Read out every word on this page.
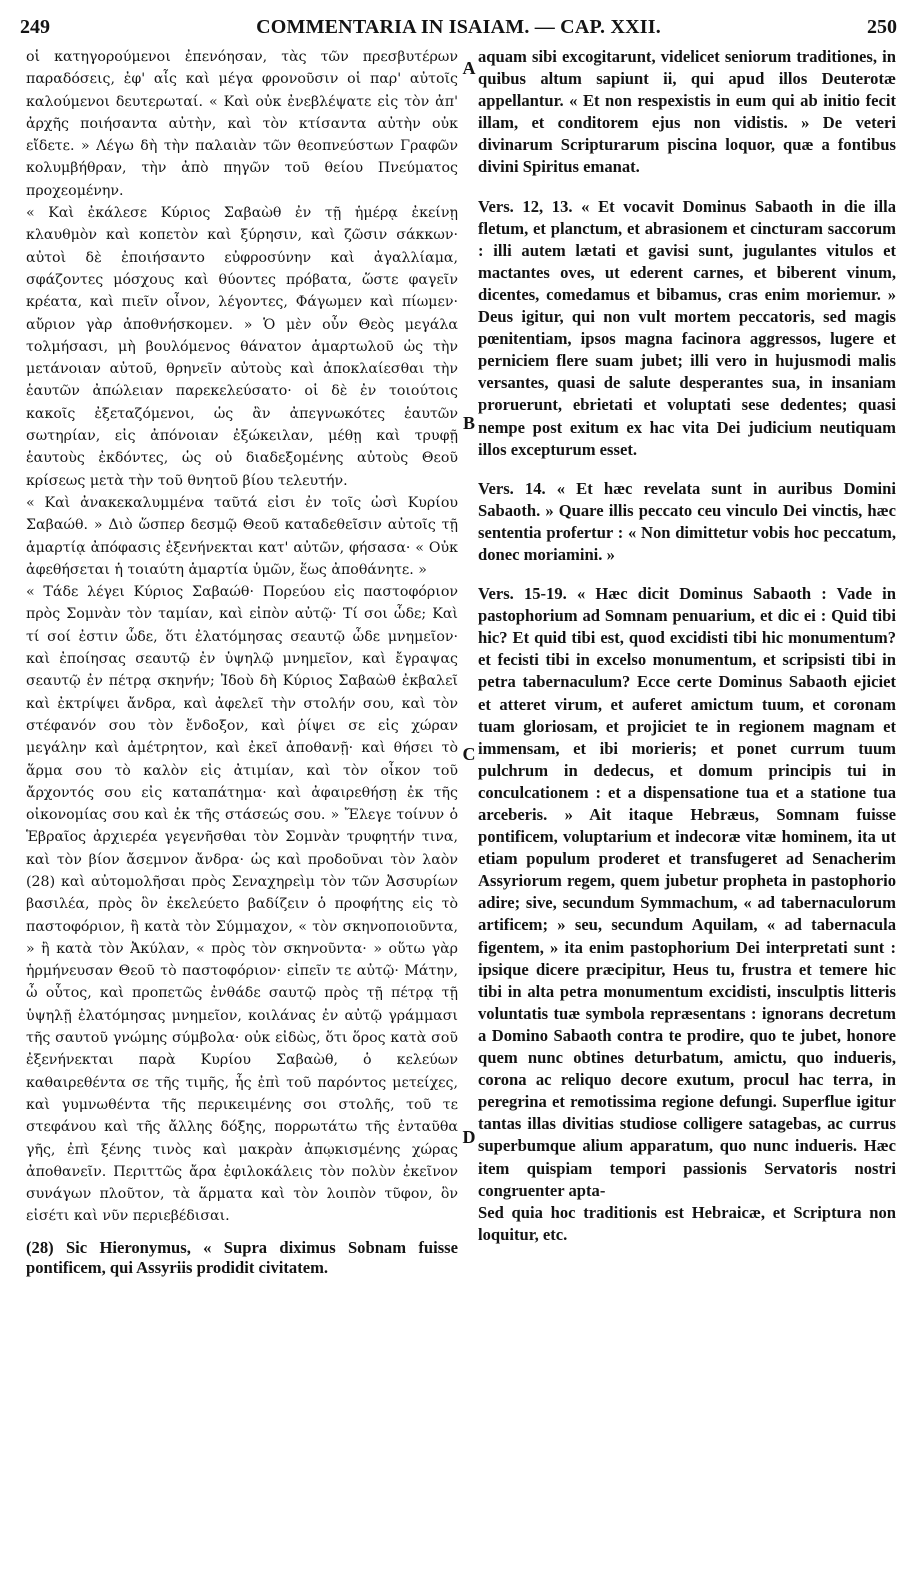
249	COMMENTARIA IN ISAIAM. — CAP. XXII.	250

οἱ κατηγορούμενοι ἐπενόησαν, τὰς τῶν πρεσβυτέρων παραδόσεις, ἐφ' αἷς καὶ μέγα φρονοῦσιν οἱ παρ' αὐτοῖς καλούμενοι δευτερωταί. « Καὶ οὐκ ἐνεβλέψατε εἰς τὸν ἀπ' ἀρχῆς ποιήσαντα αὐτὴν, καὶ τὸν κτίσαντα αὐτὴν οὐκ εἴδετε. » Λέγω δὴ τὴν παλαιὰν τῶν θεοπνεύστων Γραφῶν κολυμβήθραν, τὴν ἀπὸ πηγῶν τοῦ θείου Πνεύματος προχεομένην.

« Καὶ ἐκάλεσε Κύριος Σαβαὼθ ἐν τῇ ἡμέρᾳ ἐκείνῃ κλαυθμὸν καὶ κοπετὸν καὶ ξύρησιν, καὶ ζῶσιν σάκκων· αὐτοὶ δὲ ἐποιήσαντο εὐφροσύνην καὶ ἀγαλλίαμα, σφάζοντες μόσχους καὶ θύοντες πρόβατα, ὥστε φαγεῖν κρέατα, καὶ πιεῖν οἶνον, λέγοντες, Φάγωμεν καὶ πίωμεν· αὔριον γὰρ ἀποθνήσκομεν. » Ὁ μὲν οὖν Θεὸς μεγάλα τολμήσασι, μὴ βουλόμενος θάνατον ἁμαρτωλοῦ ὡς τὴν μετάνοιαν αὐτοῦ, θρηνεῖν αὐτοὺς καὶ ἀποκλαίεσθαι τὴν ἑαυτῶν ἀπώλειαν παρεκελεύσατο· οἱ δὲ ἐν τοιούτοις κακοῖς ἐξεταζόμενοι, ὡς ἂν ἀπεγνωκότες ἑαυτῶν σωτηρίαν, εἰς ἀπόνοιαν ἐξώκειλαν, μέθῃ καὶ τρυφῇ ἑαυτοὺς ἐκδόντες, ὡς οὐ διαδεξομένης αὐτοὺς Θεοῦ κρίσεως μετὰ τὴν τοῦ θνητοῦ βίου τελευτήν.

« Καὶ ἀνακεκαλυμμένα ταῦτά εἰσι ἐν τοῖς ὠσὶ Κυρίου Σαβαώθ. » Διὸ ὥσπερ δεσμῷ Θεοῦ καταδεθεῖσιν αὐτοῖς τῇ ἁμαρτίᾳ ἀπόφασις ἐξενήνεκται κατ' αὐτῶν, φήσασα· « Οὐκ ἀφεθήσεται ἡ τοιαύτη ἁμαρτία ὑμῶν, ἕως ἀποθάνητε. »

« Τάδε λέγει Κύριος Σαβαώθ· Πορεύου εἰς παστοφόριον πρὸς Σομνὰν τὸν ταμίαν, καὶ εἰπὸν αὐτῷ· Τί σοι ὧδε; Καὶ τί σοί ἐστιν ὧδε, ὅτι ἐλατόμησας σεαυτῷ ὧδε μνημεῖον· καὶ ἐποίησας σεαυτῷ ἐν ὑψηλῷ μνημεῖον, καὶ ἔγραψας σεαυτῷ ἐν πέτρᾳ σκηνήν; Ἰδοὺ δὴ Κύριος Σαβαὼθ ἐκβαλεῖ καὶ ἐκτρίψει ἄνδρα, καὶ ἀφελεῖ τὴν στολήν σου, καὶ τὸν στέφανόν σου τὸν ἔνδοξον, καὶ ῥίψει σε εἰς χώραν μεγάλην καὶ ἀμέτρητον, καὶ ἐκεῖ ἀποθανῇ· καὶ θήσει τὸ ἅρμα σου τὸ καλὸν εἰς ἀτιμίαν, καὶ τὸν οἶκον τοῦ ἄρχοντός σου εἰς καταπάτημα· καὶ ἀφαιρεθήσῃ ἐκ τῆς οἰκονομίας σου καὶ ἐκ τῆς στάσεώς σου. » Ἔλεγε τοίνυν ὁ Ἑβραῖος ἀρχιερέα γεγενῆσθαι τὸν Σομνὰν τρυφητήν τινα, καὶ τὸν βίον ἄσεμνον ἄνδρα· ὡς καὶ προδοῦναι τὸν λαὸν (28) καὶ αὐτομολῆσαι πρὸς Σεναχηρεὶμ τὸν τῶν Ἀσσυρίων βασιλέα, πρὸς ὃν ἐκελεύετο βαδίζειν ὁ προφήτης εἰς τὸ παστοφόριον, ἢ κατὰ τὸν Σύμμαχον, « τὸν σκηνοποιοῦντα, » ἢ κατὰ τὸν Ἀκύλαν, « πρὸς τὸν σκηνοῦντα· » οὕτω γὰρ ἡρμήνευσαν Θεοῦ τὸ παστοφόριον· εἰπεῖν τε αὐτῷ· Μάτην, ὦ οὗτος, καὶ προπετῶς ἐνθάδε σαυτῷ πρὸς τῇ πέτρᾳ τῇ ὑψηλῇ ἐλατόμησας μνημεῖον, κοιλάνας ἐν αὐτῷ γράμμασι τῆς σαυτοῦ γνώμης σύμβολα· οὐκ εἰδὼς, ὅτι ὅρος κατὰ σοῦ ἐξενήνεκται παρὰ Κυρίου Σαβαὼθ, ὁ κελεύων καθαιρεθέντα σε τῆς τιμῆς, ἧς ἐπὶ τοῦ παρόντος μετείχες, καὶ γυμνωθέντα τῆς περικειμένης σοι στολῆς, τοῦ τε στεφάνου καὶ τῆς ἄλλης δόξης, πορρωτάτω τῆς ἐνταῦθα γῆς, ἐπὶ ξένης τινὸς καὶ μακρὰν ἀπῳκισμένης χώρας ἀποθανεῖν. Περιττῶς ἄρα ἐφιλοκάλεις τὸν πολὺν ἐκεῖνον συνάγων πλοῦτον, τὰ ἅρματα καὶ τὸν λοιπὸν τῦφον, ὃν εἰσέτι καὶ νῦν περιεβέδισαι.

(28) Sic Hieronymus, « Supra diximus Sobnam fuisse pontificem, qui Assyriis prodidit civitatem.

A
B
C
D

aquam sibi excogitarunt, videlicet seniorum traditiones, in quibus altum sapiunt ii, qui apud illos Deuterotæ appellantur. « Et non respexistis in eum qui ab initio fecit illam, et conditorem ejus non vidistis. » De veteri divinarum Scripturarum piscina loquor, quæ a fontibus divini Spiritus emanat.

Vers. 12, 13. « Et vocavit Dominus Sabaoth in die illa fletum, et planctum, et abrasionem et cincturam saccorum : illi autem lætati et gavisi sunt, jugulantes vitulos et mactantes oves, ut ederent carnes, et biberent vinum, dicentes, comedamus et bibamus, cras enim moriemur. » Deus igitur, qui non vult mortem peccatoris, sed magis pœnitentiam, ipsos magna facinora aggressos, lugere et perniciem flere suam jubet; illi vero in hujusmodi malis versantes, quasi de salute desperantes sua, in insaniam proruerunt, ebrietati et voluptati sese dedentes; quasi nempe post exitum ex hac vita Dei judicium neutiquam illos excepturum esset.

Vers. 14. « Et hæc revelata sunt in auribus Domini Sabaoth. » Quare illis peccato ceu vinculo Dei vinctis, hæc sententia profertur : « Non dimittetur vobis hoc peccatum, donec moriamini. »

Vers. 15-19. « Hæc dicit Dominus Sabaoth : Vade in pastophorium ad Somnam penuarium, et dic ei : Quid tibi hic? Et quid tibi est, quod excidisti tibi hic monumentum? et fecisti tibi in excelso monumentum, et scripsisti tibi in petra tabernaculum? Ecce certe Dominus Sabaoth ejiciet et atteret virum, et auferet amictum tuum, et coronam tuam gloriosam, et projiciet te in regionem magnam et immensam, et ibi morieris; et ponet currum tuum pulchrum in dedecus, et domum principis tui in conculcationem : et a dispensatione tua et a statione tua arceberis. » Ait itaque Hebræus, Somnam fuisse pontificem, voluptarium et indecoræ vitæ hominem, ita ut etiam populum proderet et transfugeret ad Senacherim Assyriorum regem, quem jubetur propheta in pastophorio adire; sive, secundum Symmachum, « ad tabernaculorum artificem; » seu, secundum Aquilam, « ad tabernacula figentem, » ita enim pastophorium Dei interpretati sunt : ipsique dicere præcipitur, Heus tu, frustra et temere hic tibi in alta petra monumentum excidisti, insculptis litteris voluntatis tuæ symbola repræsentans : ignorans decretum a Domino Sabaoth contra te prodire, quo te jubet, honore quem nunc obtines deturbatum, amictu, quo indueris, corona ac reliquo decore exutum, procul hac terra, in peregrina et remotissima regione defungi. Superflue igitur tantas illas divitias studiose colligere satagebas, ac currus superbumque alium apparatum, quo nunc indueris. Hæc item quispiam tempori passionis Servatoris nostri congruenter apta-

Sed quia hoc traditionis est Hebraicæ, et Scriptura non loquitur, etc.
